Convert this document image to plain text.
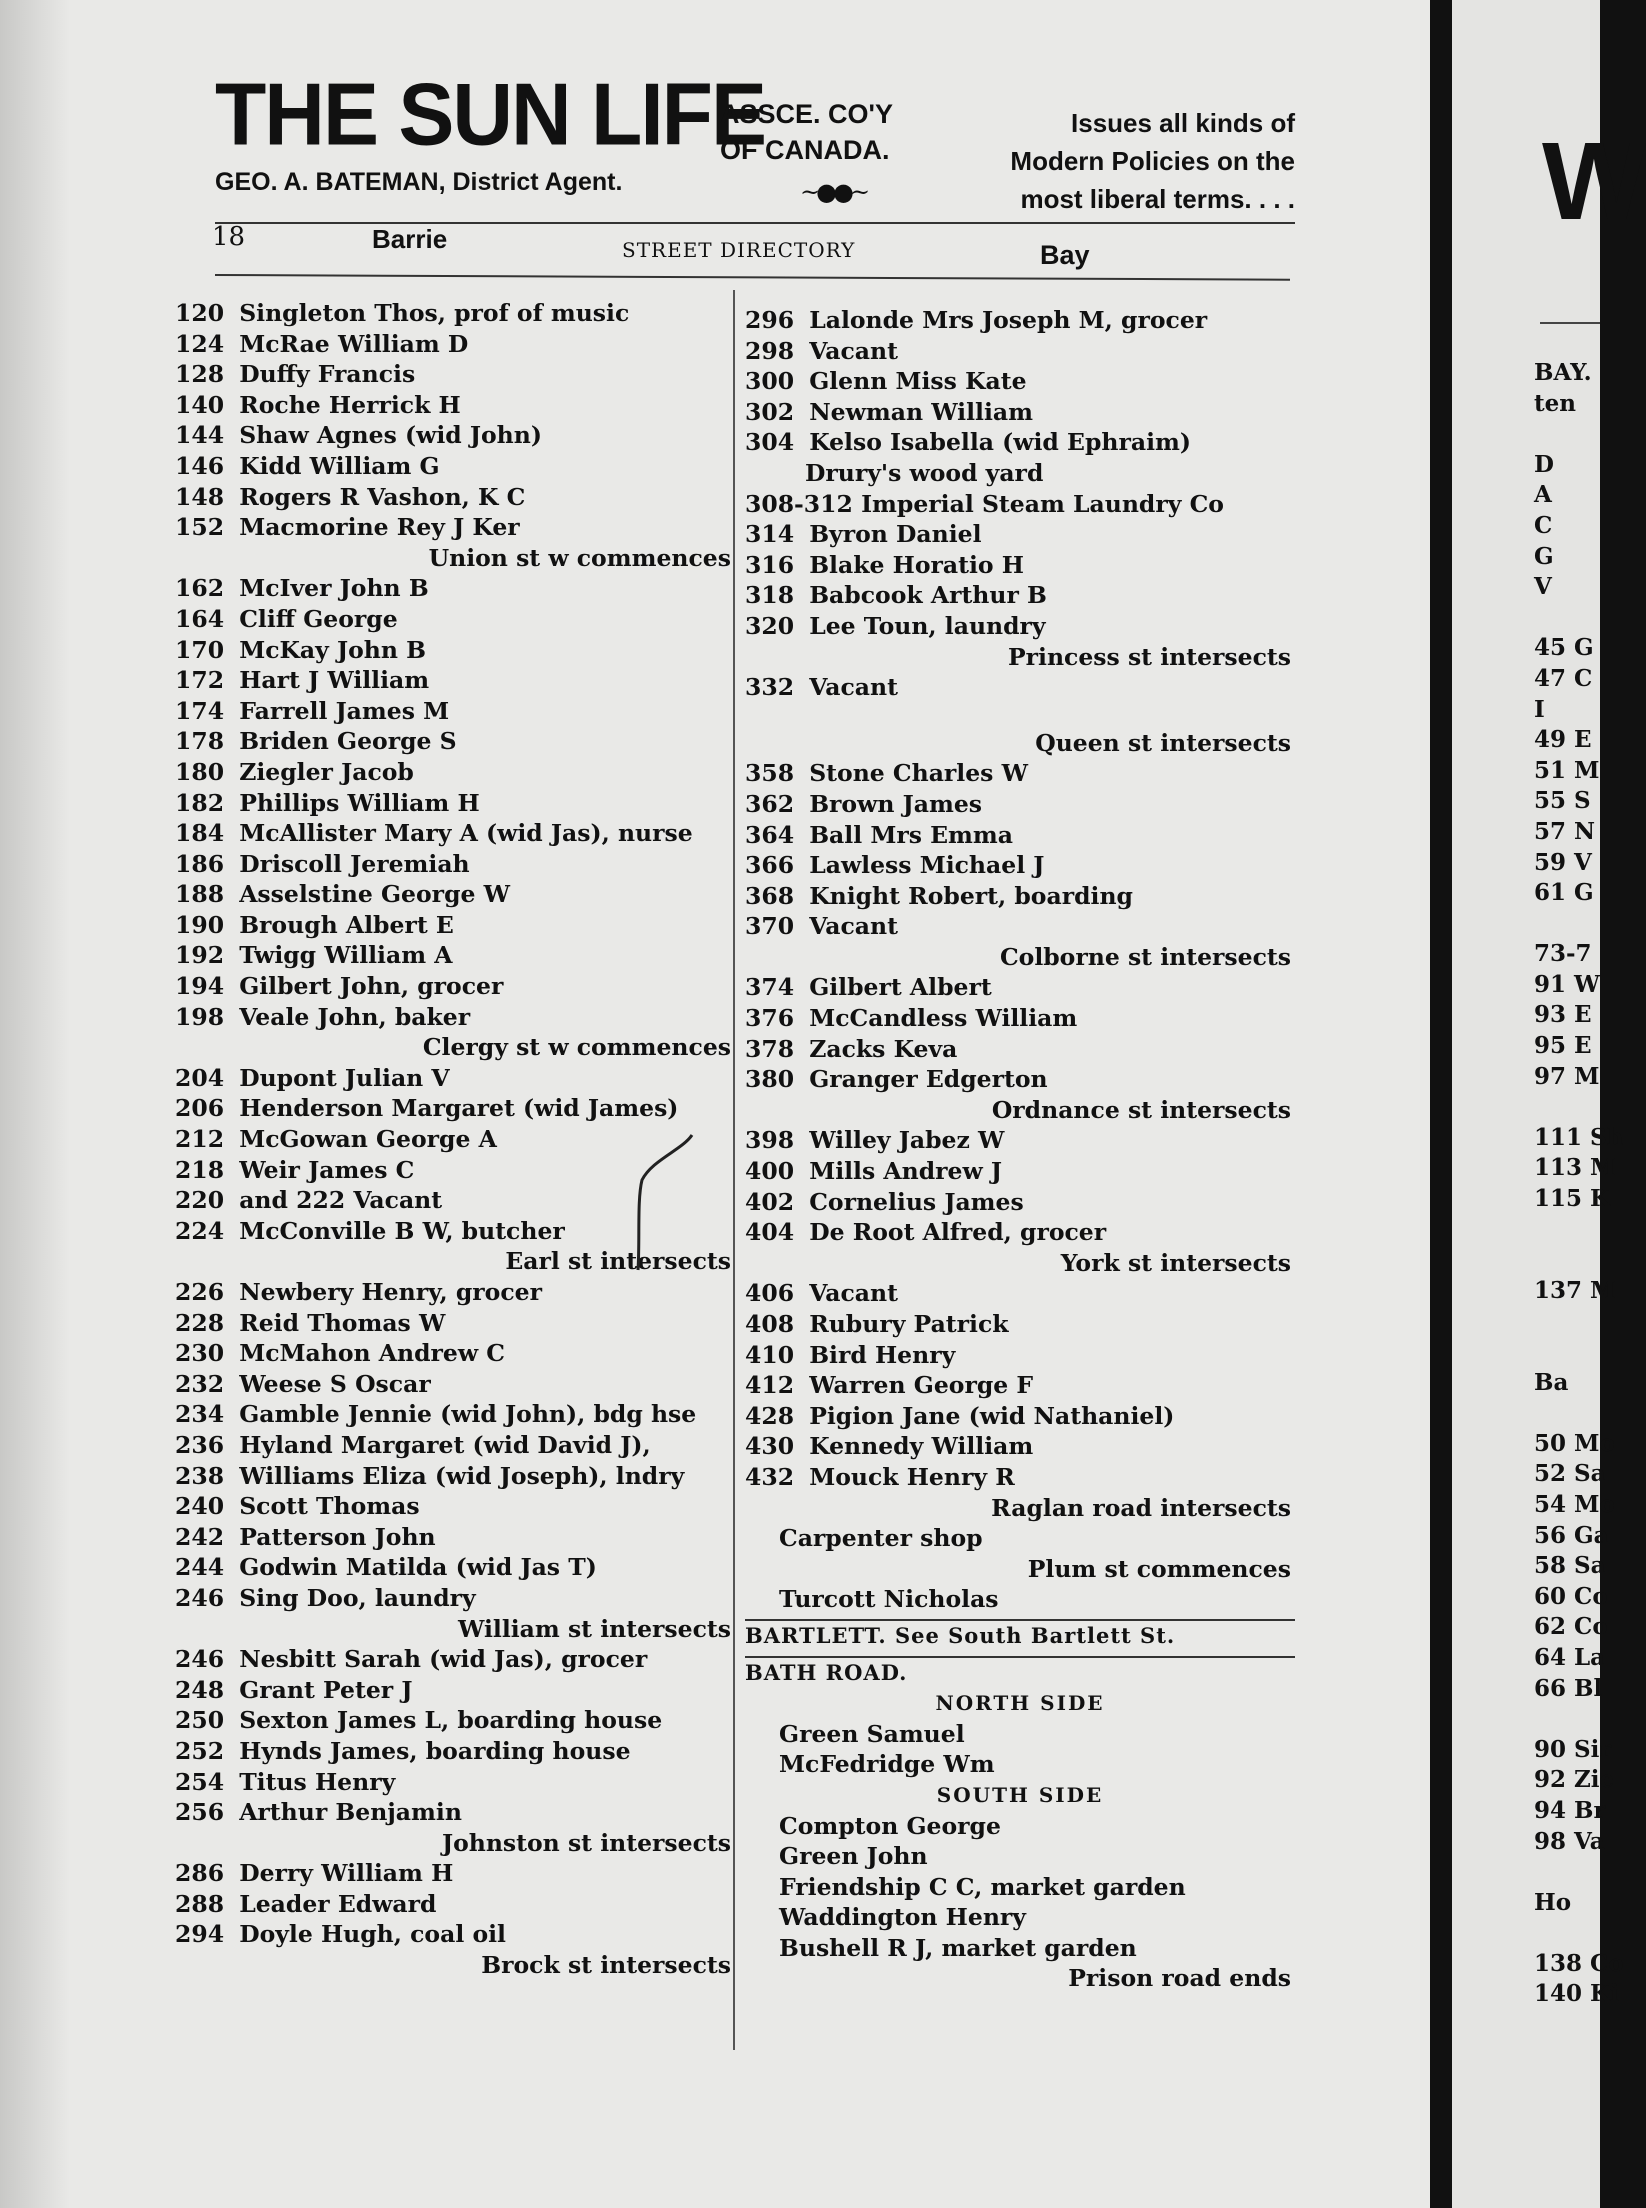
THE SUN LIFE
ASSCE. CO'Y
OF CANADA.
Issues all kinds of
Modern Policies on the
most liberal terms. . . .
GEO. A. BATEMAN, District Agent.	~●●~
18	Barrie	STREET DIRECTORY	Bay
120 Singleton Thos, prof of music
124 McRae William D
128 Duffy Francis
140 Roche Herrick H
144 Shaw Agnes (wid John)
146 Kidd William G
148 Rogers R Vashon, K C
152 Macmorine Rey J Ker
Union st w commences
162 McIver John B
164 Cliff George
170 McKay John B
172 Hart J William
174 Farrell James M
178 Briden George S
180 Ziegler Jacob
182 Phillips William H
184 McAllister Mary A (wid Jas), nurse
186 Driscoll Jeremiah
188 Asselstine George W
190 Brough Albert E
192 Twigg William A
194 Gilbert John, grocer
198 Veale John, baker
Clergy st w commences
204 Dupont Julian V
206 Henderson Margaret (wid James)
212 McGowan George A
218 Weir James C
220 and 222 Vacant
224 McConville B W, butcher
Earl st intersects
226 Newbery Henry, grocer
228 Reid Thomas W
230 McMahon Andrew C
232 Weese S Oscar
234 Gamble Jennie (wid John), bdg hse
236 Hyland Margaret (wid David J),
238 Williams Eliza (wid Joseph), lndry
240 Scott Thomas
242 Patterson John
244 Godwin Matilda (wid Jas T)
246 Sing Doo, laundry
William st intersects
246 Nesbitt Sarah (wid Jas), grocer
248 Grant Peter J
250 Sexton James L, boarding house
252 Hynds James, boarding house
254 Titus Henry
256 Arthur Benjamin
Johnston st intersects
286 Derry William H
288 Leader Edward
294 Doyle Hugh, coal oil
Brock st intersects
296 Lalonde Mrs Joseph M, grocer
298 Vacant
300 Glenn Miss Kate
302 Newman William
304 Kelso Isabella (wid Ephraim)
Drury's wood yard
308-312 Imperial Steam Laundry Co
314 Byron Daniel
316 Blake Horatio H
318 Babcook Arthur B
320 Lee Toun, laundry
Princess st intersects
332 Vacant
Queen st intersects
358 Stone Charles W
362 Brown James
364 Ball Mrs Emma
366 Lawless Michael J
368 Knight Robert, boarding
370 Vacant
Colborne st intersects
374 Gilbert Albert
376 McCandless William
378 Zacks Keva
380 Granger Edgerton
Ordnance st intersects
398 Willey Jabez W
400 Mills Andrew J
402 Cornelius James
404 De Root Alfred, grocer
York st intersects
406 Vacant
408 Rubury Patrick
410 Bird Henry
412 Warren George F
428 Pigion Jane (wid Nathaniel)
430 Kennedy William
432 Mouck Henry R
Raglan road intersects
Carpenter shop
Plum st commences
Turcott Nicholas
BARTLETT. See South Bartlett St.
BATH ROAD.
NORTH SIDE
Green Samuel
McFedridge Wm
SOUTH SIDE
Compton George
Green John
Friendship C C, market garden
Waddington Henry
Bushell R J, market garden
Prison road ends
W
BAY.
ten
D
A
C
G
V
45 G
47 C
I
49 E
51 M
55 S
57 N
59 V
61 G
73-7
91 W
93 E
95 E
97 M
111 Sh
113 M
115 K
137 M
Ba
50 Mo
52 Sa
54 Mo
56 Ga
58 Sa
60 Co
62 Co
64 La
66 Bl
90 Sir
92 Zie
94 Br
98 Va
Ho
138 Co
140 Ki
